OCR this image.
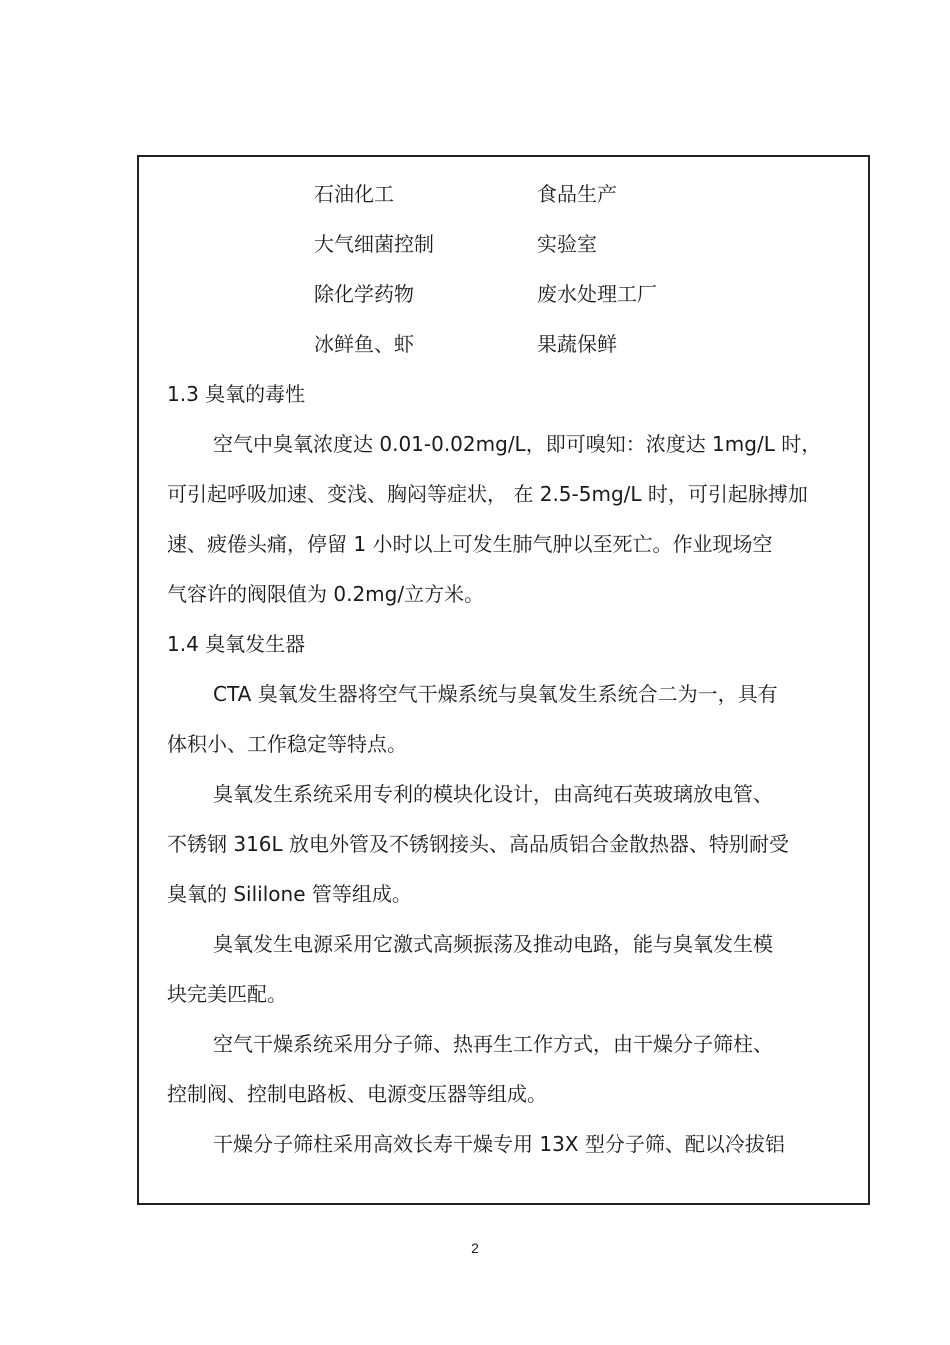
石油化工	食品生产
大气细菌控制	实验室
除化学药物	废水处理工厂
冰鲜鱼、虾	果蔬保鲜
1.3 臭氧的毒性
空气中臭氧浓度达 0.01-0.02mg/L，即可嗅知：浓度达 1mg/L 时，
可引起呼吸加速、变浅、胸闷等症状， 在 2.5-5mg/L 时，可引起脉搏加
速、疲倦头痛，停留 1 小时以上可发生肺气肿以至死亡。作业现场空
气容许的阀限值为 0.2mg/立方米。
1.4 臭氧发生器
CTA 臭氧发生器将空气干燥系统与臭氧发生系统合二为一，具有
体积小、工作稳定等特点。
臭氧发生系统采用专利的模块化设计，由高纯石英玻璃放电管、
不锈钢 316L 放电外管及不锈钢接头、高品质铝合金散热器、特别耐受
臭氧的 Sililone 管等组成。
臭氧发生电源采用它激式高频振荡及推动电路，能与臭氧发生模
块完美匹配。
空气干燥系统采用分子筛、热再生工作方式，由干燥分子筛柱、
控制阀、控制电路板、电源变压器等组成。
干燥分子筛柱采用高效长寿干燥专用 13X 型分子筛、配以冷拔铝
2
